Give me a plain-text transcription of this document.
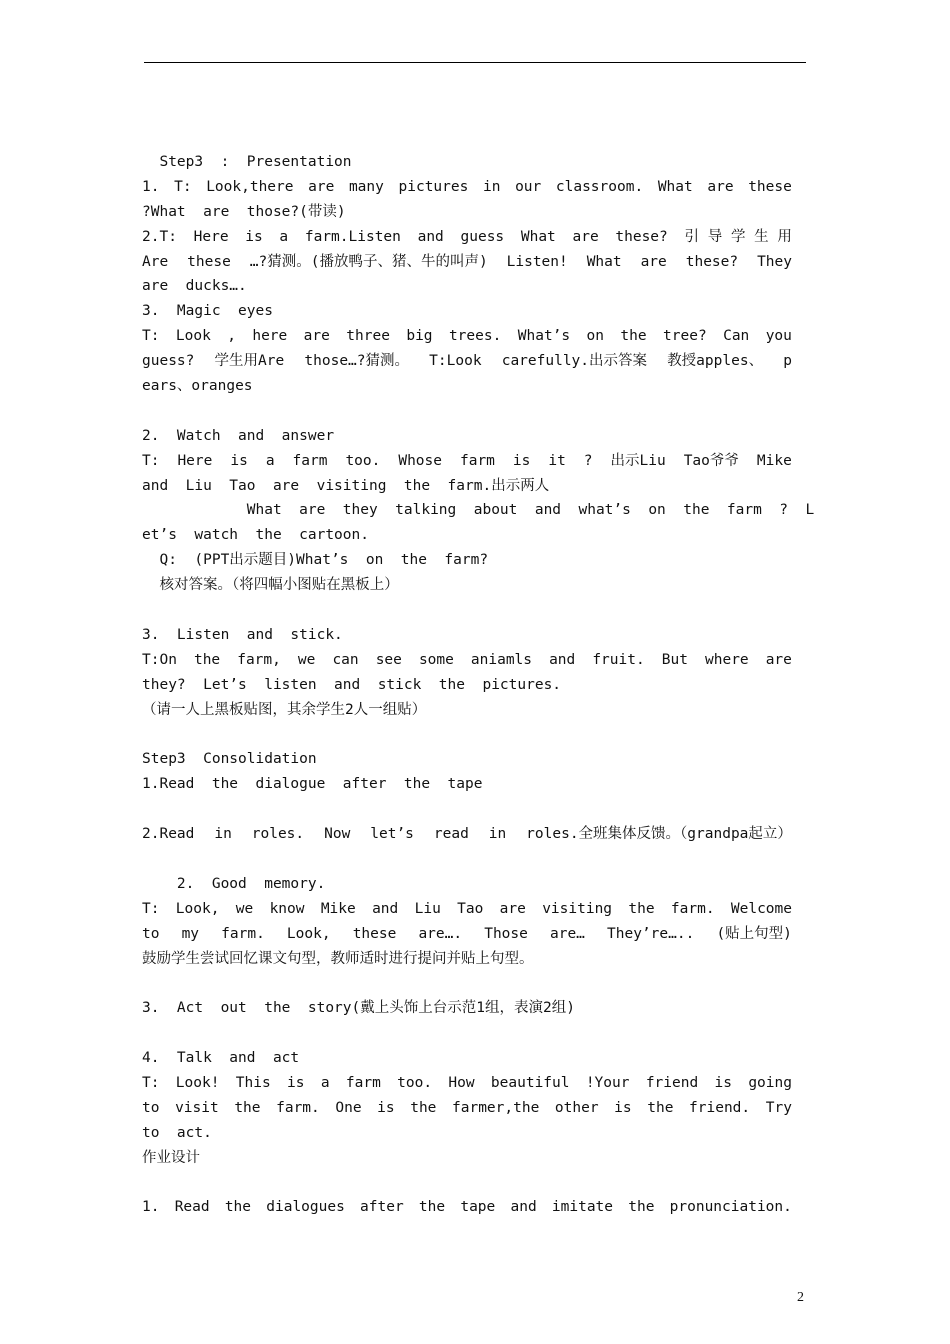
Step3  :  Presentation
1. T: Look,there are many pictures in our classroom. What are these
?What  are  those?(带读)
2.T: Here is a farm.Listen and guess What are these? 引 导 学 生 用
Are these …?猜测。(播放鸭子、猪、牛的叫声) Listen! What are these? They
are  ducks….
3.  Magic  eyes
T: Look , here are three big trees. What’s on the tree? Can you
guess? 学生用Are those…?猜测。 T:Look carefully.出示答案 教授apples、 p
ears、oranges
2.  Watch  and  answer
T: Here is a farm too. Whose farm is it ? 出示Liu Tao爷爷 Mike
and  Liu  Tao  are  visiting  the  farm.出示两人
What  are  they  talking  about  and  what’s  on  the  farm  ?  L
et’s  watch  the  cartoon.
Q:  (PPT出示题目)What’s  on  the  farm?
核对答案。（将四幅小图贴在黑板上）
3.  Listen  and  stick.
T:On the farm, we can see some aniamls and fruit. But where are
they?  Let’s  listen  and  stick  the  pictures.
（请一人上黑板贴图，其余学生2人一组贴）
Step3  Consolidation
1.Read  the  dialogue  after  the  tape
2.Read in roles. Now let’s read in roles.全班集体反馈。（grandpa起立）
2.  Good  memory.
T: Look, we know Mike and Liu Tao are visiting the farm. Welcome
to my farm. Look, these are…. Those are… They’re….. (贴上句型)
鼓励学生尝试回忆课文句型，教师适时进行提问并贴上句型。
3.  Act  out  the  story(戴上头饰上台示范1组，表演2组)
4.  Talk  and  act
T: Look! This is a farm too. How beautiful !Your friend is going
to visit the farm. One is the farmer,the other is the friend. Try
to  act.
作业设计
1. Read the dialogues after the tape and imitate the pronunciation.
2
